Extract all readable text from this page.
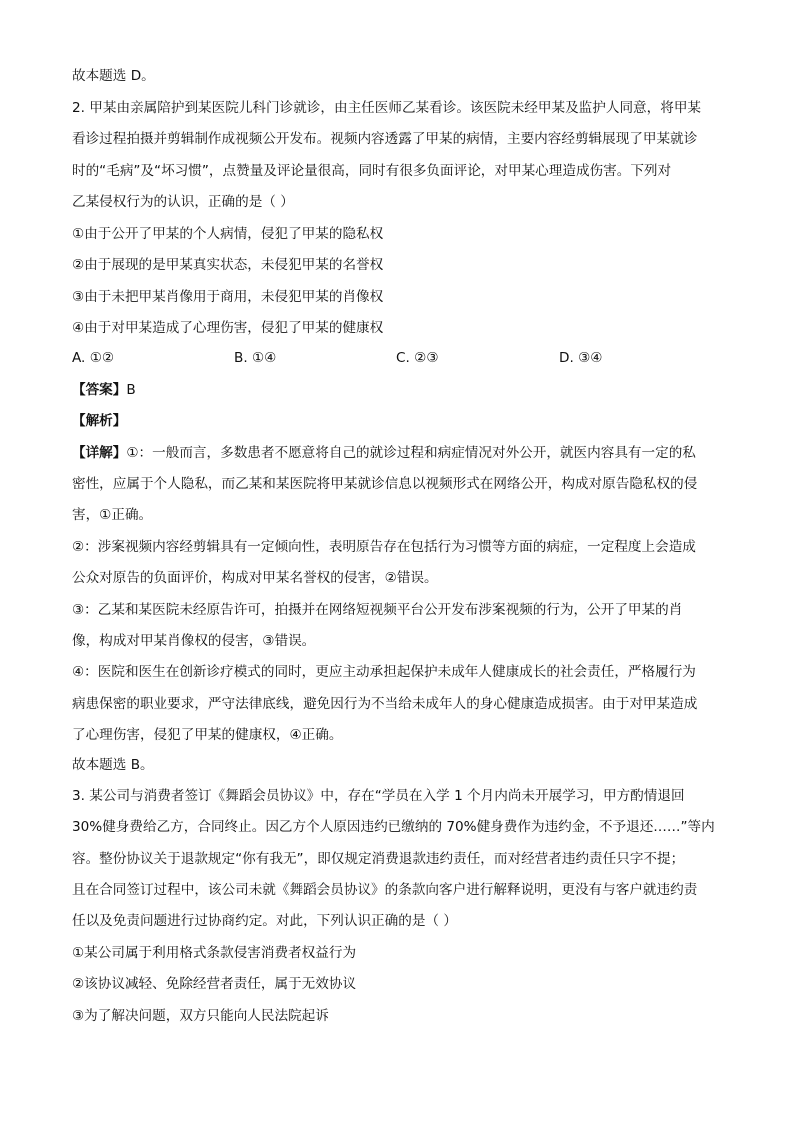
故本题选 D。
2. 甲某由亲属陪护到某医院儿科门诊就诊，由主任医师乙某看诊。该医院未经甲某及监护人同意，将甲某
看诊过程拍摄并剪辑制作成视频公开发布。视频内容透露了甲某的病情，主要内容经剪辑展现了甲某就诊
时的“毛病”及“坏习惯”，点赞量及评论量很高，同时有很多负面评论，对甲某心理造成伤害。下列对
乙某侵权行为的认识，正确的是（ ）
①由于公开了甲某的个人病情，侵犯了甲某的隐私权
②由于展现的是甲某真实状态，未侵犯甲某的名誉权
③由于未把甲某肖像用于商用，未侵犯甲某的肖像权
④由于对甲某造成了心理伤害，侵犯了甲某的健康权
A. ①②	B. ①④	C. ②③	D. ③④
【答案】B
【解析】
【详解】①：一般而言，多数患者不愿意将自己的就诊过程和病症情况对外公开，就医内容具有一定的私
密性，应属于个人隐私，而乙某和某医院将甲某就诊信息以视频形式在网络公开，构成对原告隐私权的侵
害，①正确。
②：涉案视频内容经剪辑具有一定倾向性，表明原告存在包括行为习惯等方面的病症，一定程度上会造成
公众对原告的负面评价，构成对甲某名誉权的侵害，②错误。
③：乙某和某医院未经原告许可，拍摄并在网络短视频平台公开发布涉案视频的行为，公开了甲某的肖
像，构成对甲某肖像权的侵害，③错误。
④：医院和医生在创新诊疗模式的同时，更应主动承担起保护未成年人健康成长的社会责任，严格履行为
病患保密的职业要求，严守法律底线，避免因行为不当给未成年人的身心健康造成损害。由于对甲某造成
了心理伤害，侵犯了甲某的健康权，④正确。
故本题选 B。
3. 某公司与消费者签订《舞蹈会员协议》中，存在“学员在入学 1 个月内尚未开展学习，甲方酌情退回
30%健身费给乙方，合同终止。因乙方个人原因违约已缴纳的 70%健身费作为违约金，不予退还……”等内
容。整份协议关于退款规定“你有我无”，即仅规定消费退款违约责任，而对经营者违约责任只字不提；
且在合同签订过程中，该公司未就《舞蹈会员协议》的条款向客户进行解释说明，更没有与客户就违约责
任以及免责问题进行过协商约定。对此，下列认识正确的是（ ）
①某公司属于利用格式条款侵害消费者权益行为
②该协议减轻、免除经营者责任，属于无效协议
③为了解决问题，双方只能向人民法院起诉
